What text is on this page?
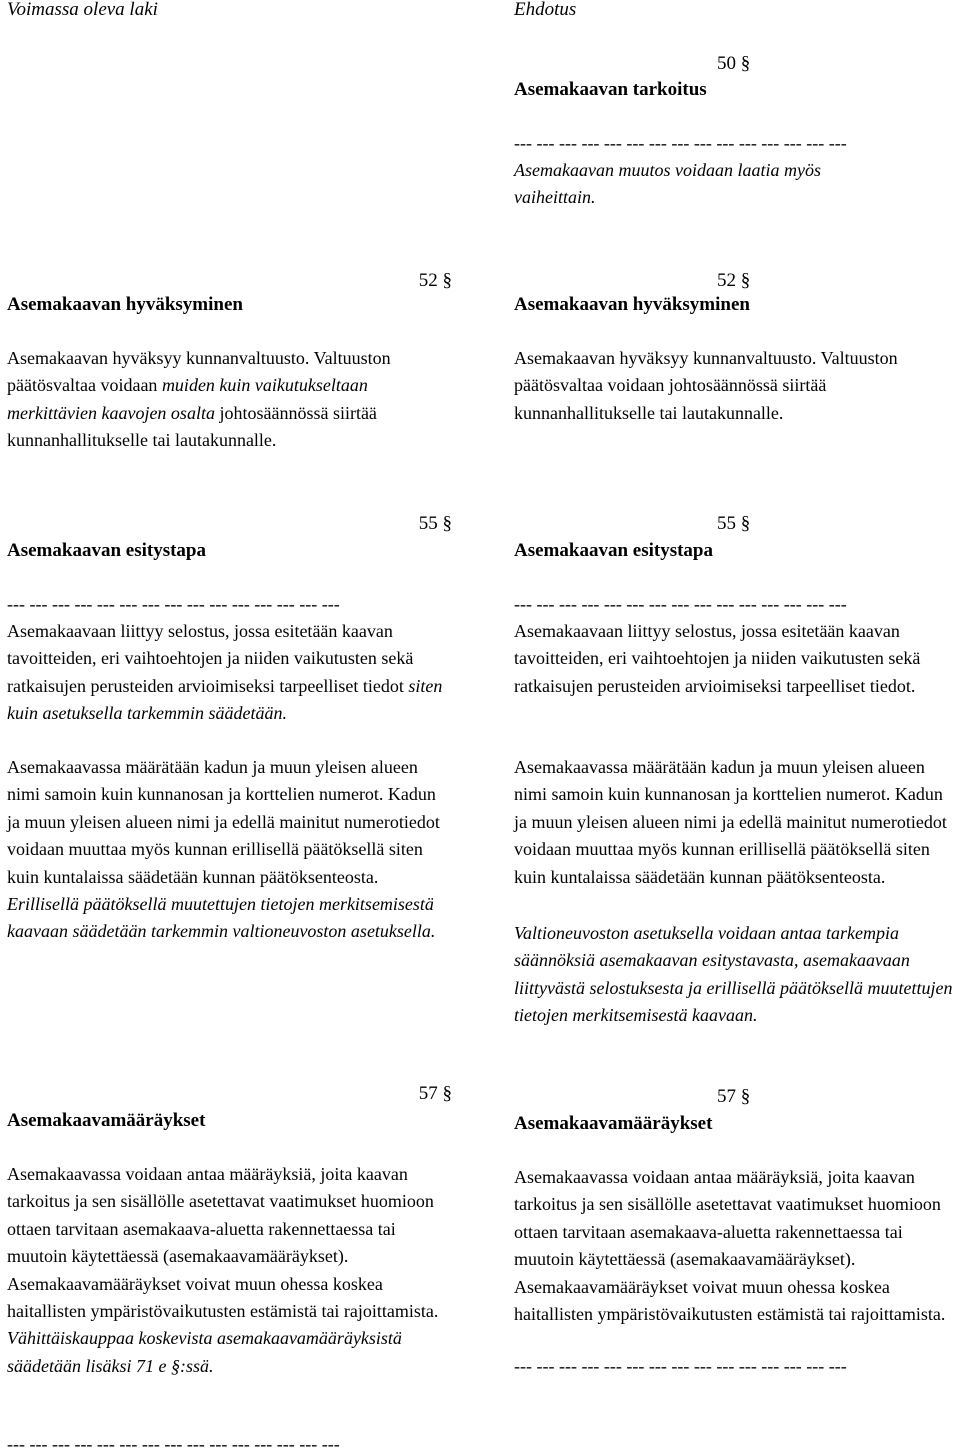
Voimassa oleva laki
52 §
Asemakaavan hyväksyminen
Asemakaavan hyväksyy kunnanvaltuusto. Valtuuston päätösvaltaa voidaan muiden kuin vaikutukseltaan merkittävien kaavojen osalta johtosäännössä siirtää kunnanhallitukselle tai lautakunnalle.
55 §
Asemakaavan esitystapa
--- --- --- --- --- --- --- --- --- --- --- --- --- --- ---
Asemakaavaan liittyy selostus, jossa esitetään kaavan tavoitteiden, eri vaihtoehtojen ja niiden vaikutusten sekä ratkaisujen perusteiden arvioimiseksi tarpeelliset tiedot siten kuin asetuksella tarkemmin säädetään.
Asemakaavassa määrätään kadun ja muun yleisen alueen nimi samoin kuin kunnanosan ja korttelien numerot. Kadun ja muun yleisen alueen nimi ja edellä mainitut numerotiedot voidaan muuttaa myös kunnan erillisellä päätöksellä siten kuin kuntalaissa säädetään kunnan päätöksenteosta. Erillisellä päätöksellä muutettujen tietojen merkitsemisestä kaavaan säädetään tarkemmin valtioneuvoston asetuksella.
57 §
Asemakaavamääräykset
Asemakaavassa voidaan antaa määräyksiä, joita kaavan tarkoitus ja sen sisällölle asetettavat vaatimukset huomioon ottaen tarvitaan asemakaava-aluetta rakennettaessa tai muutoin käytettäessä (asemakaavamääräykset). Asemakaavamääräykset voivat muun ohessa koskea haitallisten ympäristövaikutusten estämistä tai rajoittamista. Vähittäiskauppaa koskevista asemakaavamääräyksistä säädetään lisäksi 71 e §:ssä.
--- --- --- --- --- --- --- --- --- --- --- --- --- --- ---
Ehdotus
50 §
Asemakaavan tarkoitus
--- --- --- --- --- --- --- --- --- --- --- --- --- --- ---
Asemakaavan muutos voidaan laatia myös vaiheittain.
52 §
Asemakaavan hyväksyminen
Asemakaavan hyväksyy kunnanvaltuusto. Valtuuston päätösvaltaa voidaan johtosäännössä siirtää kunnanhallitukselle tai lautakunnalle.
55 §
Asemakaavan esitystapa
--- --- --- --- --- --- --- --- --- --- --- --- --- --- ---
Asemakaavaan liittyy selostus, jossa esitetään kaavan tavoitteiden, eri vaihtoehtojen ja niiden vaikutusten sekä ratkaisujen perusteiden arvioimiseksi tarpeelliset tiedot.
Asemakaavassa määrätään kadun ja muun yleisen alueen nimi samoin kuin kunnanosan ja korttelien numerot. Kadun ja muun yleisen alueen nimi ja edellä mainitut numerotiedot voidaan muuttaa myös kunnan erillisellä päätöksellä siten kuin kuntalaissa säädetään kunnan päätöksenteosta.
Valtioneuvoston asetuksella voidaan antaa tarkempia säännöksiä asemakaavan esitystavasta, asemakaavaan liittyvästä selostuksesta ja erillisellä päätöksellä muutettujen tietojen merkitsemisestä kaavaan.
57 §
Asemakaavamääräykset
Asemakaavassa voidaan antaa määräyksiä, joita kaavan tarkoitus ja sen sisällölle asetettavat vaatimukset huomioon ottaen tarvitaan asemakaava-aluetta rakennettaessa tai muutoin käytettäessä (asemakaavamääräykset). Asemakaavamääräykset voivat muun ohessa koskea haitallisten ympäristövaikutusten estämistä tai rajoittamista.
--- --- --- --- --- --- --- --- --- --- --- --- --- --- ---
